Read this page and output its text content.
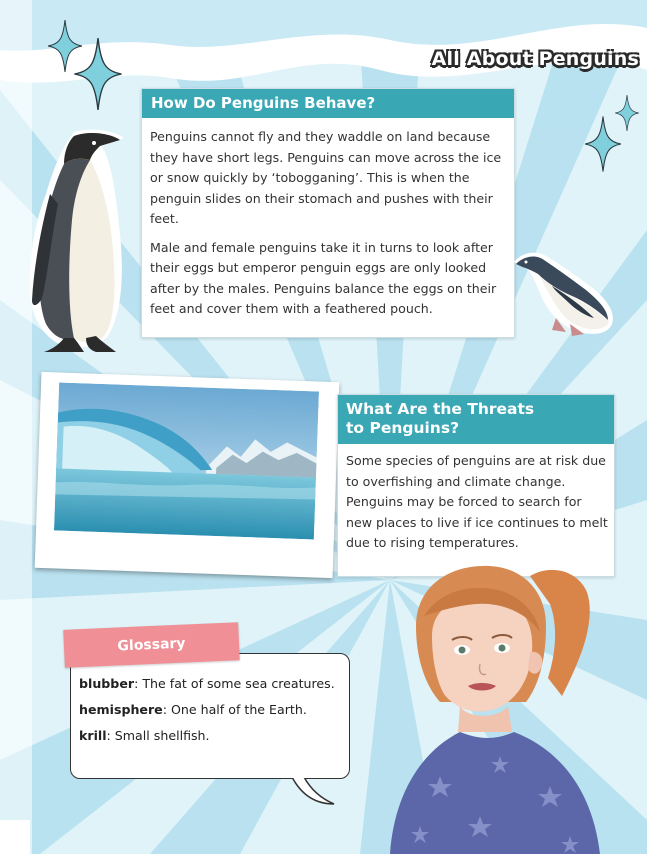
All About Penguins
How Do Penguins Behave?

Penguins cannot fly and they waddle on land because they have short legs. Penguins can move across the ice or snow quickly by ‘tobogganing’. This is when the penguin slides on their stomach and pushes with their feet.

Male and female penguins take it in turns to look after their eggs but emperor penguin eggs are only looked after by the males. Penguins balance the eggs on their feet and cover them with a feathered pouch.

What Are the Threats
to Penguins?
Some species of penguins are at risk due to overfishing and climate change. Penguins may be forced to search for new places to live if ice continues to melt due to rising temperatures.
blubber: The fat of some sea creatures.
hemisphere: One half of the Earth.
krill: Small shellfish.
Glossary
